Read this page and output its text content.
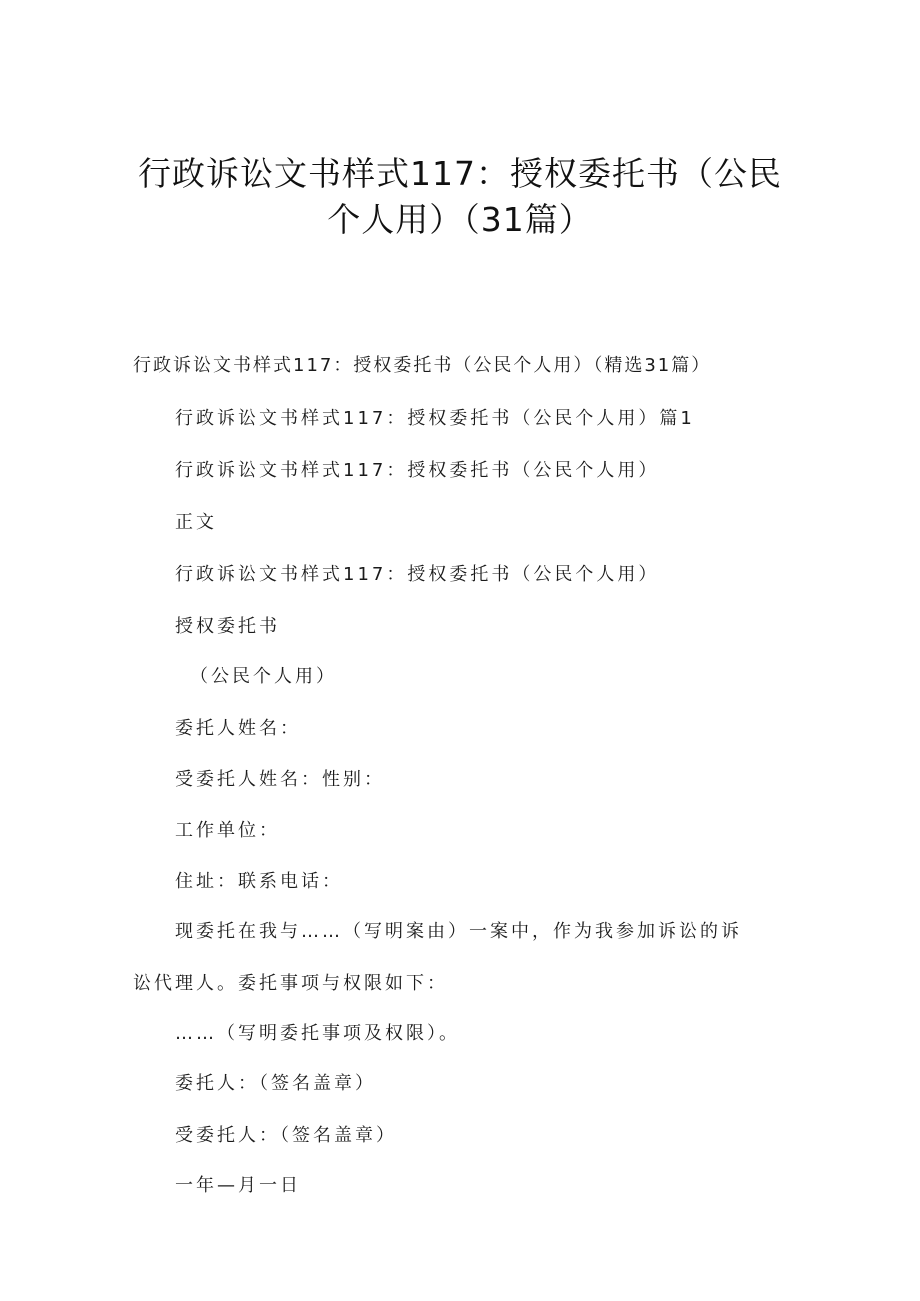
行政诉讼文书样式117：授权委托书（公民
个人用）（31篇）
行政诉讼文书样式117：授权委托书（公民个人用）（精选31篇）
行政诉讼文书样式117：授权委托书（公民个人用）篇1
行政诉讼文书样式117：授权委托书（公民个人用）
正文
行政诉讼文书样式117：授权委托书（公民个人用）
授权委托书
（公民个人用）
委托人姓名：
受委托人姓名：性别：
工作单位：
住址：联系电话：
现委托在我与……（写明案由）一案中，作为我参加诉讼的诉
讼代理人。委托事项与权限如下：
……（写明委托事项及权限）。
委托人：（签名盖章）
受委托人：（签名盖章）
一年—月一日
